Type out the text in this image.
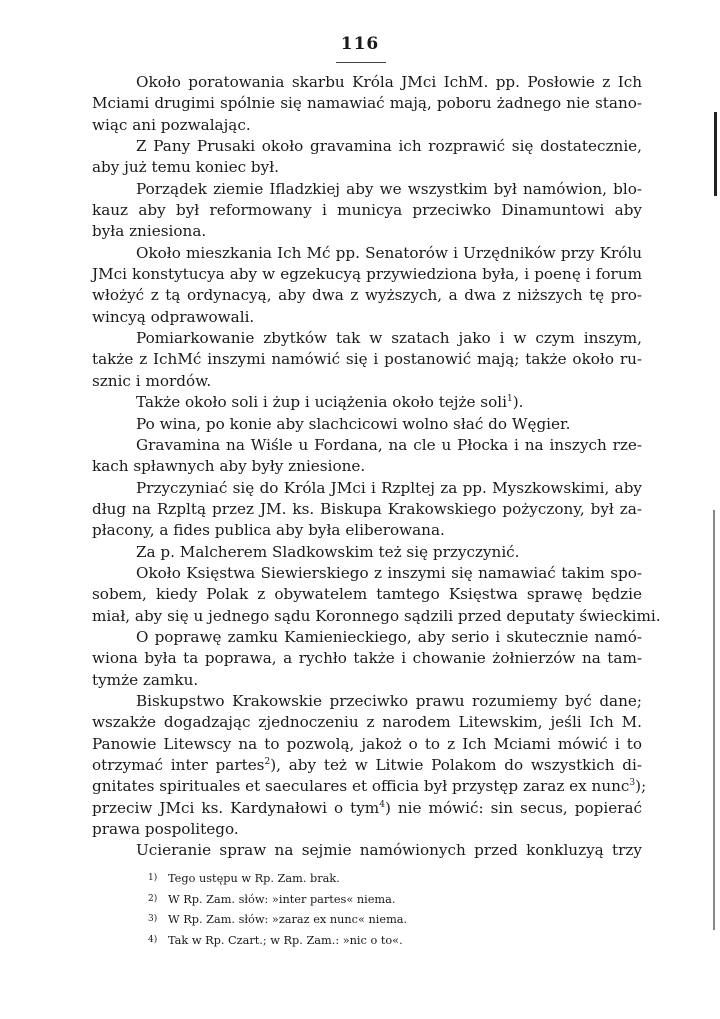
116
Około poratowania skarbu Króla JMci IchM. pp. Posłowie z Ich
Mciami drugimi spólnie się namawiać mają, poboru żadnego nie stano-
wiąc ani pozwalając.
Z Pany Prusaki około gravamina ich rozprawić się dostatecznie,
aby już temu koniec był.
Porządek ziemie Ifladzkiej aby we wszystkim był namówion, blo-
kauz aby był reformowany i municya przeciwko Dinamuntowi aby
była zniesiona.
Około mieszkania Ich Mć pp. Senatorów i Urzędników przy Królu
JMci konstytucya aby w egzekucyą przywiedziona była, i poenę i forum
włożyć z tą ordynacyą, aby dwa z wyższych, a dwa z niższych tę pro-
wincyą odprawowali.
Pomiarkowanie zbytków tak w szatach jako i w czym inszym,
także z IchMć inszymi namówić się i postanowić mają; także około ru-
sznic i mordów.
Także około soli i żup i uciążenia około tejże soli$^1$).
Po wina, po konie aby slachcicowi wolno słać do Węgier.
Gravamina na Wiśle u Fordana, na cle u Płocka i na inszych rze-
kach spławnych aby były zniesione.
Przyczyniać się do Króla JMci i Rzpltej za pp. Myszkowskimi, aby
dług na Rzpltą przez JM. ks. Biskupa Krakowskiego pożyczony, był za-
płacony, a fides publica aby była eliberowana.
Za p. Malcherem Sladkowskim też się przyczynić.
Około Księstwa Siewierskiego z inszymi się namawiać takim spo-
sobem, kiedy Polak z obywatelem tamtego Księstwa sprawę będzie
miał, aby się u jednego sądu Koronnego sądzili przed deputaty świeckimi.
O poprawę zamku Kamienieckiego, aby serio i skutecznie namó-
wiona była ta poprawa, a rychło także i chowanie żołnierzów na tam-
tymże zamku.
Biskupstwo Krakowskie przeciwko prawu rozumiemy być dane;
wszakże dogadzając zjednoczeniu z narodem Litewskim, jeśli Ich M.
Panowie Litewscy na to pozwolą, jakoż o to z Ich Mciami mówić i to
otrzymać inter partes$^2$), aby też w Litwie Polakom do wszystkich di-
gnitates spirituales et saeculares et officia był przystęp zaraz ex nunc$^3$);
przeciw JMci ks. Kardynałowi o tym$^4$) nie mówić: sin secus, popierać
prawa pospolitego.
Ucieranie spraw na sejmie namówionych przed konkluzyą trzy
1) Tego ustępu w Rp. Zam. brak.
2) W Rp. Zam. słów: »inter partes« niema.
3) W Rp. Zam. słów: »zaraz ex nunc« niema.
4) Tak w Rp. Czart.; w Rp. Zam.: »nic o to«.
